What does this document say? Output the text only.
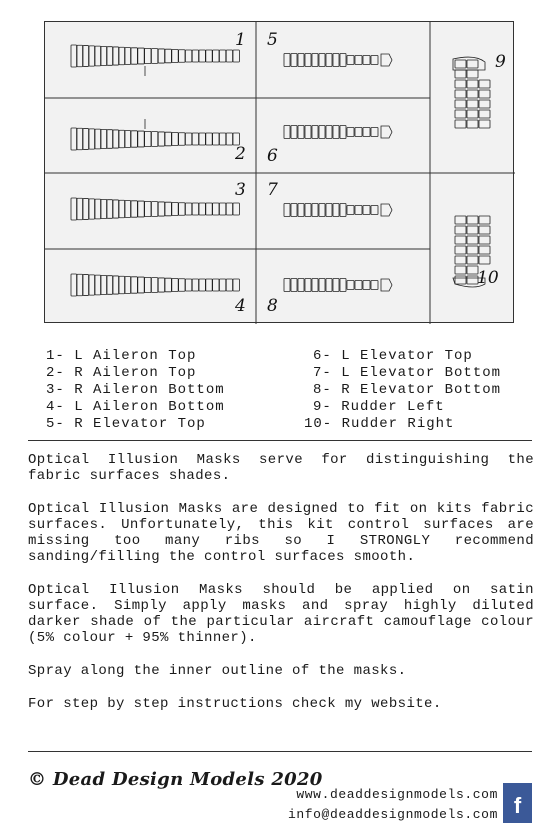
1
2
3
4
5
6
7
8
9
10
1- L Aileron Top
2- R Aileron Top
3- R Aileron Bottom
4- L Aileron Bottom
5- R Elevator Top
6- L Elevator Top
7- L Elevator Bottom
8- R Elevator Bottom
9- Rudder Left
10- Rudder Right

Optical Illusion Masks serve for distinguishing the fabric surfaces shades.

Optical Illusion Masks are designed to fit on kits fabric surfaces. Unfortunately, this kit control surfaces are missing too many ribs so I STRONGLY recommend sanding/filling the control surfaces smooth.

Optical Illusion Masks should be applied on satin surface. Simply apply masks and spray highly diluted darker shade of the particular aircraft camouflage colour (5% colour + 95% thinner).

Spray along the inner outline of the masks.

For step by step instructions check my website.

© Dead Design Models 2020
www.deaddesignmodels.com
info@deaddesignmodels.com f
